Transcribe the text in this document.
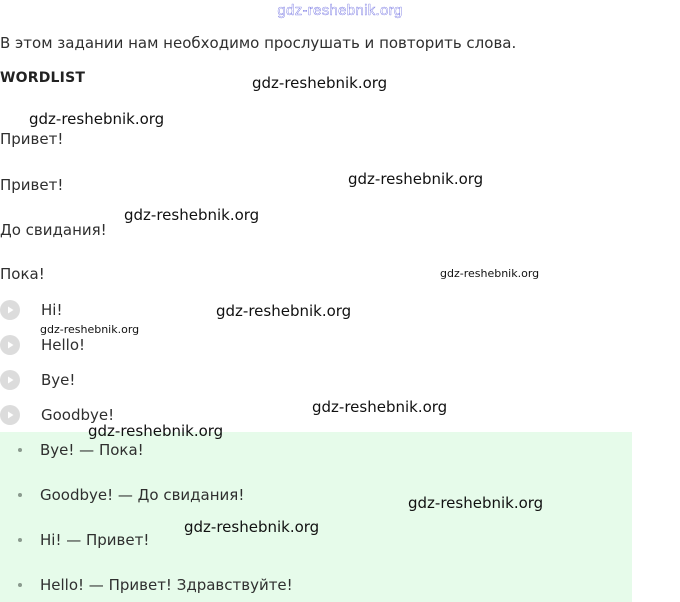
gdz-reshebnik.org
В этом задании нам необходимо прослушать и повторить слова.
WORDLIST
Привет!
Привет!
До свидания!
Пока!
Hi!
Hello!
Bye!
Goodbye!
Bye! — Пока!
Goodbye! — До свидания!
Hi! — Привет!
Hello! — Привет! Здравствуйте!
gdz-reshebnik.org
gdz-reshebnik.org
gdz-reshebnik.org
gdz-reshebnik.org
gdz-reshebnik.org
gdz-reshebnik.org
gdz-reshebnik.org
gdz-reshebnik.org
gdz-reshebnik.org
gdz-reshebnik.org
gdz-reshebnik.org
